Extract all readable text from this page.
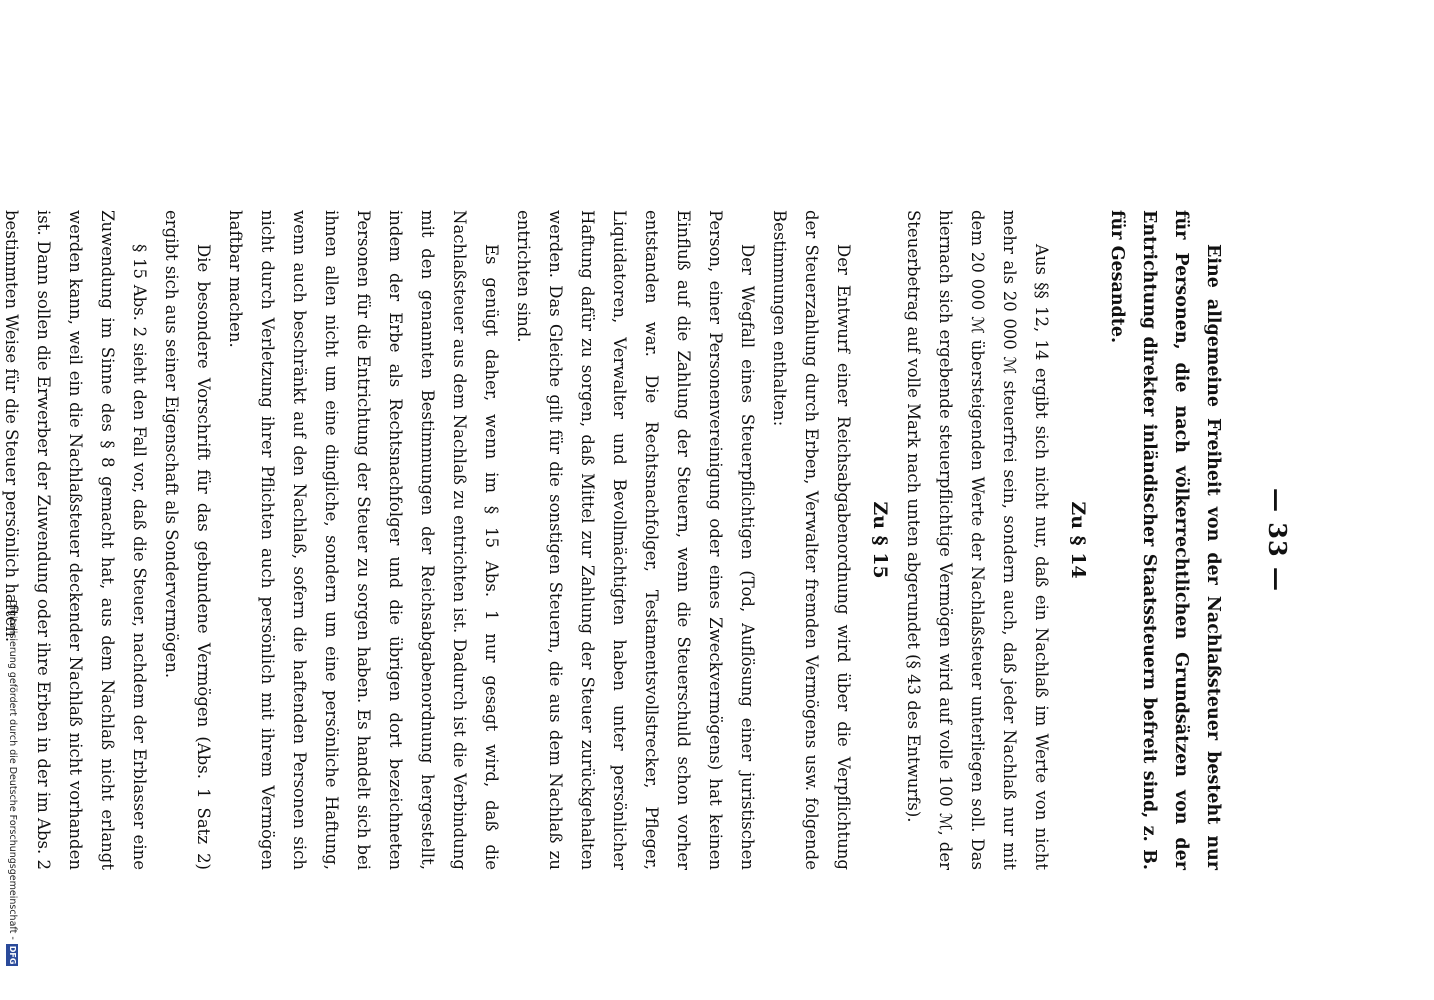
— 33 —

Eine allgemeine Freiheit von der Nachlaßsteuer besteht nur für Personen, die nach völkerrechtlichen Grundsätzen von der Entrichtung direkter inländischer Staatssteuern befreit sind, z. B. für Gesandte.

Zu § 14

Aus §§ 12, 14 ergibt sich nicht nur, daß ein Nachlaß im Werte von nicht mehr als 20 000 ℳ steuerfrei sein, sondern auch, daß jeder Nachlaß nur mit dem 20 000 ℳ übersteigenden Werte der Nachlaßsteuer unterliegen soll. Das hiernach sich ergebende steuerpflichtige Vermögen wird auf volle 100 ℳ, der Steuerbetrag auf volle Mark nach unten abgerundet (§ 43 des Entwurfs).

Zu § 15

Der Entwurf einer Reichsabgabenordnung wird über die Verpflichtung der Steuerzahlung durch Erben, Verwalter fremden Vermögens usw. folgende Bestimmungen enthalten:

Der Wegfall eines Steuerpflichtigen (Tod, Auflösung einer juristischen Person, einer Personenvereinigung oder eines Zweckvermögens) hat keinen Einfluß auf die Zahlung der Steuern, wenn die Steuerschuld schon vorher entstanden war. Die Rechtsnachfolger, Testamentsvollstrecker, Pfleger, Liquidatoren, Verwalter und Bevollmächtigten haben unter persönlicher Haftung dafür zu sorgen, daß Mittel zur Zahlung der Steuer zurückgehalten werden. Das Gleiche gilt für die sonstigen Steuern, die aus dem Nachlaß zu entrichten sind.

Es genügt daher, wenn im § 15 Abs. 1 nur gesagt wird, daß die Nachlaßsteuer aus dem Nachlaß zu entrichten ist. Dadurch ist die Verbindung mit den genannten Bestimmungen der Reichsabgabenordnung hergestellt, indem der Erbe als Rechtsnachfolger und die übrigen dort bezeichneten Personen für die Entrichtung der Steuer zu sorgen haben. Es handelt sich bei ihnen allen nicht um eine dingliche, sondern um eine persönliche Haftung, wenn auch beschränkt auf den Nachlaß, sofern die haftenden Personen sich nicht durch Verletzung ihrer Pflichten auch persönlich mit ihrem Vermögen haftbar machen.

Die besondere Vorschrift für das gebundene Vermögen (Abs. 1 Satz 2) ergibt sich aus seiner Eigenschaft als Sondervermögen.

§ 15 Abs. 2 sieht den Fall vor, daß die Steuer, nachdem der Erblasser eine Zuwendung im Sinne des § 8 gemacht hat, aus dem Nachlaß nicht erlangt werden kann, weil ein die Nachlaßsteuer deckender Nachlaß nicht vorhanden ist. Dann sollen die Erwerber der Zuwendung oder ihre Erben in der im Abs. 2 bestimmten Weise für die Steuer persönlich haften.

Digitalisierung gefördert durch die Deutsche Forschungsgemeinschaft -DFG
